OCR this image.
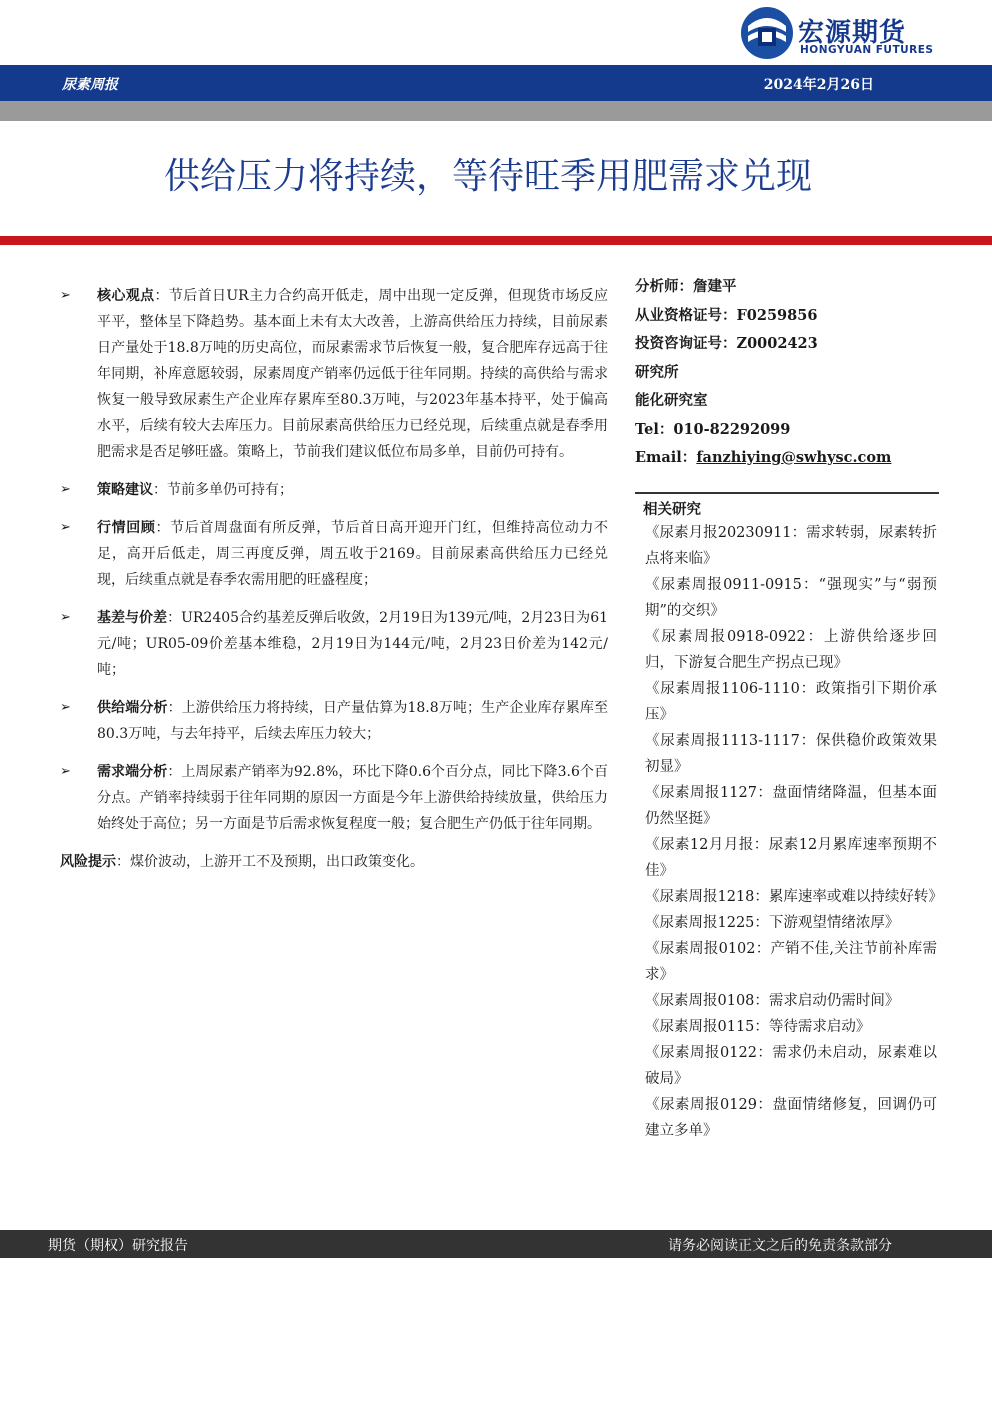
宏源期货
HONGYUAN FUTURES
尿素周报	2024年2月26日
供给压力将持续，等待旺季用肥需求兑现
➢ 核心观点：节后首日UR主力合约高开低走，周中出现一定反弹，但现货市场反应平平，整体呈下降趋势。基本面上未有太大改善，上游高供给压力持续，目前尿素日产量处于18.8万吨的历史高位，而尿素需求节后恢复一般，复合肥库存远高于往年同期，补库意愿较弱，尿素周度产销率仍远低于往年同期。持续的高供给与需求恢复一般导致尿素生产企业库存累库至80.3万吨，与2023年基本持平，处于偏高水平，后续有较大去库压力。目前尿素高供给压力已经兑现，后续重点就是春季用肥需求是否足够旺盛。策略上，节前我们建议低位布局多单，目前仍可持有。
➢ 策略建议：节前多单仍可持有；
➢ 行情回顾：节后首周盘面有所反弹，节后首日高开迎开门红，但维持高位动力不足，高开后低走，周三再度反弹，周五收于2169。目前尿素高供给压力已经兑现，后续重点就是春季农需用肥的旺盛程度；
➢ 基差与价差：UR2405合约基差反弹后收敛，2月19日为139元/吨，2月23日为61元/吨；UR05-09价差基本维稳，2月19日为144元/吨，2月23日价差为142元/吨；
➢ 供给端分析：上游供给压力将持续，日产量估算为18.8万吨；生产企业库存累库至80.3万吨，与去年持平，后续去库压力较大；
➢ 需求端分析：上周尿素产销率为92.8%，环比下降0.6个百分点，同比下降3.6个百分点。产销率持续弱于往年同期的原因一方面是今年上游供给持续放量，供给压力始终处于高位；另一方面是节后需求恢复程度一般；复合肥生产仍低于往年同期。
风险提示：煤价波动，上游开工不及预期，出口政策变化。
分析师：詹建平
从业资格证号：F0259856
投资咨询证号：Z0002423
研究所
能化研究室
Tel：010-82292099
Email：fanzhiying@swhysc.com
相关研究
《尿素月报20230911：需求转弱，尿素转折点将来临》
《尿素周报0911-0915：“强现实”与“弱预期”的交织》
《尿素周报0918-0922：上游供给逐步回归，下游复合肥生产拐点已现》
《尿素周报1106-1110：政策指引下期价承压》
《尿素周报1113-1117：保供稳价政策效果初显》
《尿素周报1127：盘面情绪降温，但基本面仍然坚挺》
《尿素12月月报：尿素12月累库速率预期不佳》
《尿素周报1218：累库速率或难以持续好转》
《尿素周报1225：下游观望情绪浓厚》
《尿素周报0102：产销不佳,关注节前补库需求》
《尿素周报0108：需求启动仍需时间》
《尿素周报0115：等待需求启动》
《尿素周报0122：需求仍未启动，尿素难以破局》
《尿素周报0129：盘面情绪修复，回调仍可建立多单》
期货（期权）研究报告	请务必阅读正文之后的免责条款部分
